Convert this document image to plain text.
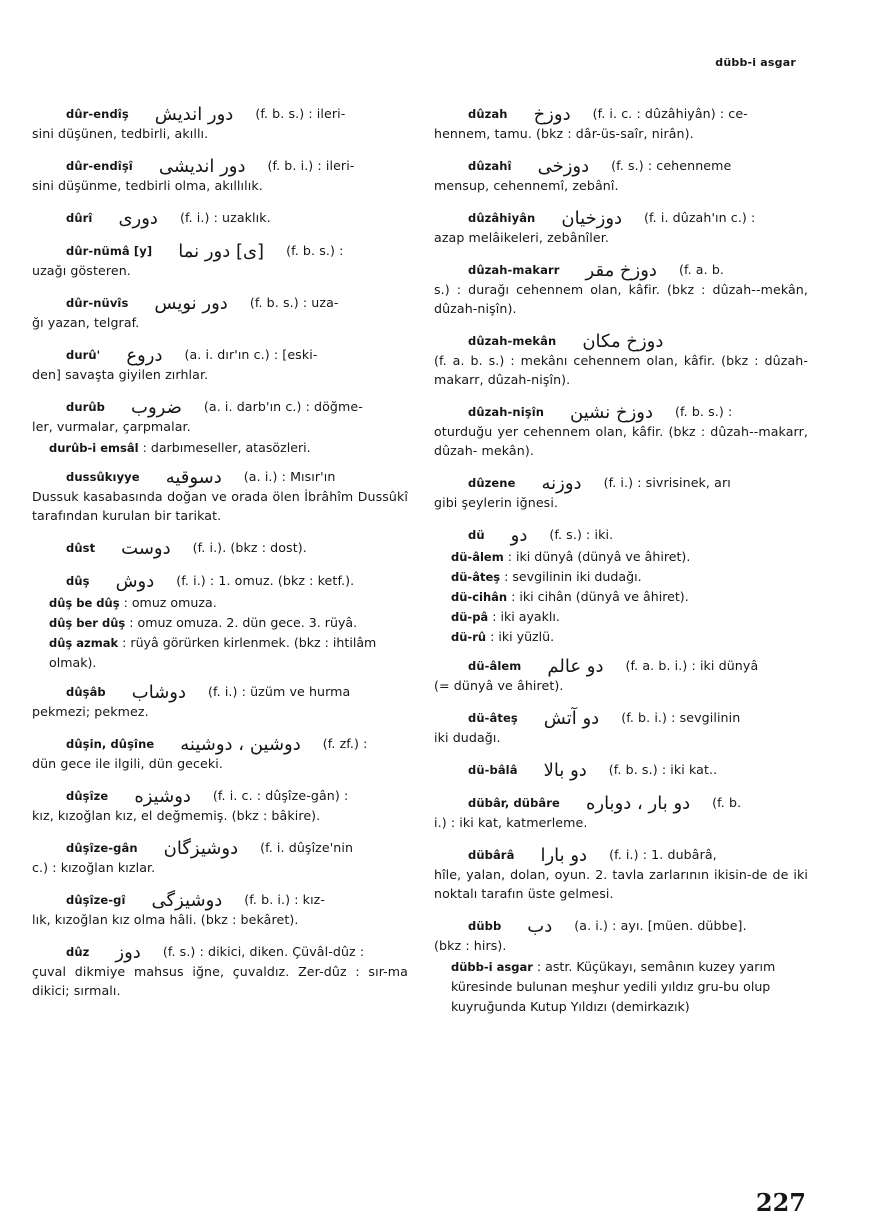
dübb-i asgar
dûr-endîş دور اندیش (f. b. s.) : ileri-
sini düşünen, tedbirli, akıllı.
dûr-endîşî دور اندیشی (f. b. i.) : ileri-
sini düşünme, tedbirli olma, akıllılık.
dûrî دوری (f. i.) : uzaklık.
dûr-nümâ [y] [ی] دور نما (f. b. s.) :
uzağı gösteren.
dûr-nüvîs دور نویس (f. b. s.) : uza-
ğı yazan, telgraf.
durû' دروع (a. i. dır'ın c.) : [eski-
den] savaşta giyilen zırhlar.
durûb ضروب (a. i. darb'ın c.) : döğme-
ler, vurmalar, çarpmalar.
durûb-i emsâl : darbımeseller, atasözleri.
dussûkıyye دسوقیه (a. i.) : Mısır'ın
Dussuk kasabasında doğan ve orada ölen İbrâhîm Dussûkî tarafından kurulan bir tarikat.
dûst دوست (f. i.). (bkz : dost).
dûş دوش (f. i.) : 1. omuz. (bkz : ketf.).
dûş be dûş : omuz omuza.
dûş ber dûş : omuz omuza. 2. dün gece. 3. rüyâ.
dûş azmak : rüyâ görürken kirlenmek. (bkz : ihtilâm olmak).
dûşâb دوشاب (f. i.) : üzüm ve hurma
pekmezi; pekmez.
dûşin, dûşîne دوشین ، دوشینه (f. zf.) :
dün gece ile ilgili, dün geceki.
dûşîze دوشیزه (f. i. c. : dûşîze-gân) :
kız, kızoğlan kız, el değmemiş. (bkz : bâkire).
dûşîze-gân دوشیزگان (f. i. dûşîze'nin
c.) : kızoğlan kızlar.
dûşîze-gî دوشیزگی (f. b. i.) : kız-
lık, kızoğlan kız olma hâli. (bkz : bekâret).
dûz دوز (f. s.) : dikici, diken. Çüvâl-dûz :
çuval dikmiye mahsus iğne, çuvaldız. Zer-dûz : sır-ma dikici; sırmalı.
dûzah دوزخ (f. i. c. : dûzâhiyân) : ce-
hennem, tamu. (bkz : dâr-üs-saîr, nirân).
dûzahî دوزخی (f. s.) : cehenneme
mensup, cehennemî, zebânî.
dûzâhiyân دوزخیان (f. i. dûzah'ın c.) :
azap melâikeleri, zebânîler.
dûzah-makarr دوزخ مقر (f. a. b.
s.) : durağı cehennem olan, kâfir. (bkz : dûzah--mekân, dûzah-nişîn).
dûzah-mekân دوزخ مکان
(f. a. b. s.) : mekânı cehennem olan, kâfir. (bkz : dûzah-makarr, dûzah-nişîn).
dûzah-nişîn دوزخ نشین (f. b. s.) :
oturduğu yer cehennem olan, kâfir. (bkz : dûzah--makarr, dûzah- mekân).
dûzene دوزنه (f. i.) : sivrisinek, arı
gibi şeylerin iğnesi.
dü دو (f. s.) : iki.
dü-âlem : iki dünyâ (dünyâ ve âhiret).
dü-âteş : sevgilinin iki dudağı.
dü-cihân : iki cihân (dünyâ ve âhiret).
dü-pâ : iki ayaklı.
dü-rû : iki yüzlü.
dü-âlem دو عالم (f. a. b. i.) : iki dünyâ
(= dünyâ ve âhiret).
dü-âteş دو آتش (f. b. i.) : sevgilinin
iki dudağı.
dü-bâlâ دو بالا (f. b. s.) : iki kat..
dübâr, dübâre دو بار ، دوباره (f. b.
i.) : iki kat, katmerleme.
dübârâ دو بارا (f. i.) : 1. dubârâ,
hîle, yalan, dolan, oyun. 2. tavla zarlarının ikisin-de de iki noktalı tarafın üste gelmesi.
dübb دب (a. i.) : ayı. [müen. dübbe].
(bkz : hirs).
dübb-i asgar : astr. Küçükayı, semânın kuzey yarım küresinde bulunan meşhur yedili yıldız gru-bu olup kuyruğunda Kutup Yıldızı (demirkazık)
227
